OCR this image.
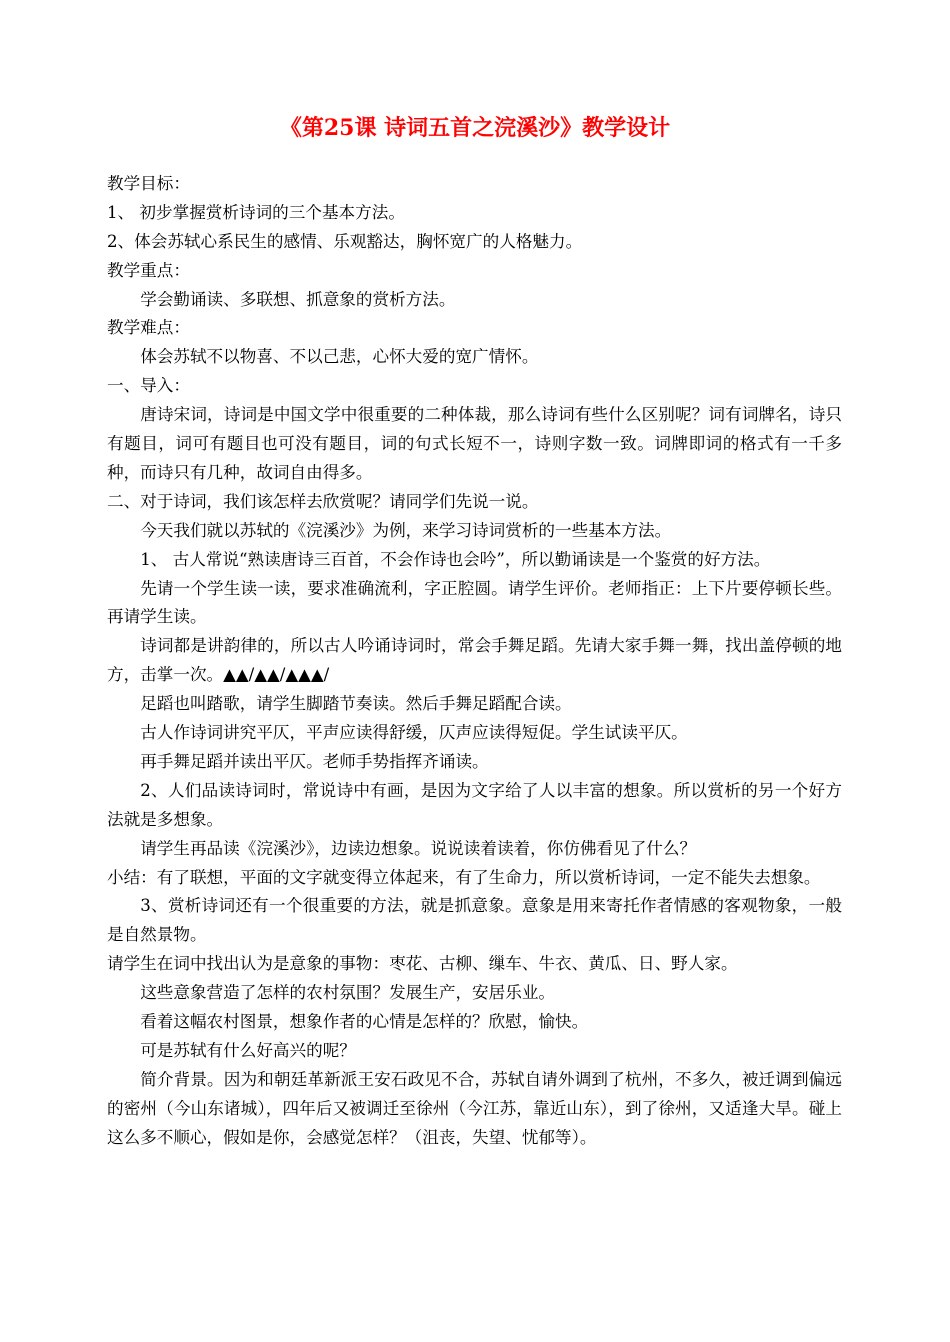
《第25课 诗词五首之浣溪沙》教学设计
教学目标：
1、 初步掌握赏析诗词的三个基本方法。
2、体会苏轼心系民生的感情、乐观豁达，胸怀宽广的人格魅力。
教学重点：
学会勤诵读、多联想、抓意象的赏析方法。
教学难点：
体会苏轼不以物喜、不以己悲，心怀大爱的宽广情怀。
一、导入：

唐诗宋词，诗词是中国文学中很重要的二种体裁，那么诗词有些什么区别呢？词有词牌名，诗只有题目，词可有题目也可没有题目，词的句式长短不一，诗则字数一致。词牌即词的格式有一千多种，而诗只有几种，故词自由得多。

二、对于诗词，我们该怎样去欣赏呢？请同学们先说一说。
今天我们就以苏轼的《浣溪沙》为例，来学习诗词赏析的一些基本方法。

1、 古人常说“熟读唐诗三百首，不会作诗也会吟”，所以勤诵读是一个鉴赏的好方法。

先请一个学生读一读，要求准确流利，字正腔圆。请学生评价。老师指正：上下片要停顿长些。再请学生读。

诗词都是讲韵律的，所以古人吟诵诗词时，常会手舞足蹈。先请大家手舞一舞，找出盖停顿的地方，击掌一次。▲▲/▲▲/▲▲▲/

足蹈也叫踏歌，请学生脚踏节奏读。然后手舞足蹈配合读。
古人作诗词讲究平仄，平声应读得舒缓，仄声应读得短促。学生试读平仄。
再手舞足蹈并读出平仄。老师手势指挥齐诵读。

2、人们品读诗词时，常说诗中有画，是因为文字给了人以丰富的想象。所以赏析的另一个好方法就是多想象。

请学生再品读《浣溪沙》，边读边想象。说说读着读着，你仿佛看见了什么？

小结：有了联想，平面的文字就变得立体起来，有了生命力，所以赏析诗词，一定不能失去想象。

3、赏析诗词还有一个很重要的方法，就是抓意象。意象是用来寄托作者情感的客观物象，一般是自然景物。

请学生在词中找出认为是意象的事物：枣花、古柳、缫车、牛衣、黄瓜、日、野人家。
这些意象营造了怎样的农村氛围？发展生产，安居乐业。
看着这幅农村图景，想象作者的心情是怎样的？欣慰，愉快。
可是苏轼有什么好高兴的呢？

简介背景。因为和朝廷革新派王安石政见不合，苏轼自请外调到了杭州，不多久，被迁调到偏远的密州（今山东诸城），四年后又被调迁至徐州（今江苏，靠近山东），到了徐州，又适逢大旱。碰上这么多不顺心，假如是你，会感觉怎样？（沮丧，失望、忧郁等）。
